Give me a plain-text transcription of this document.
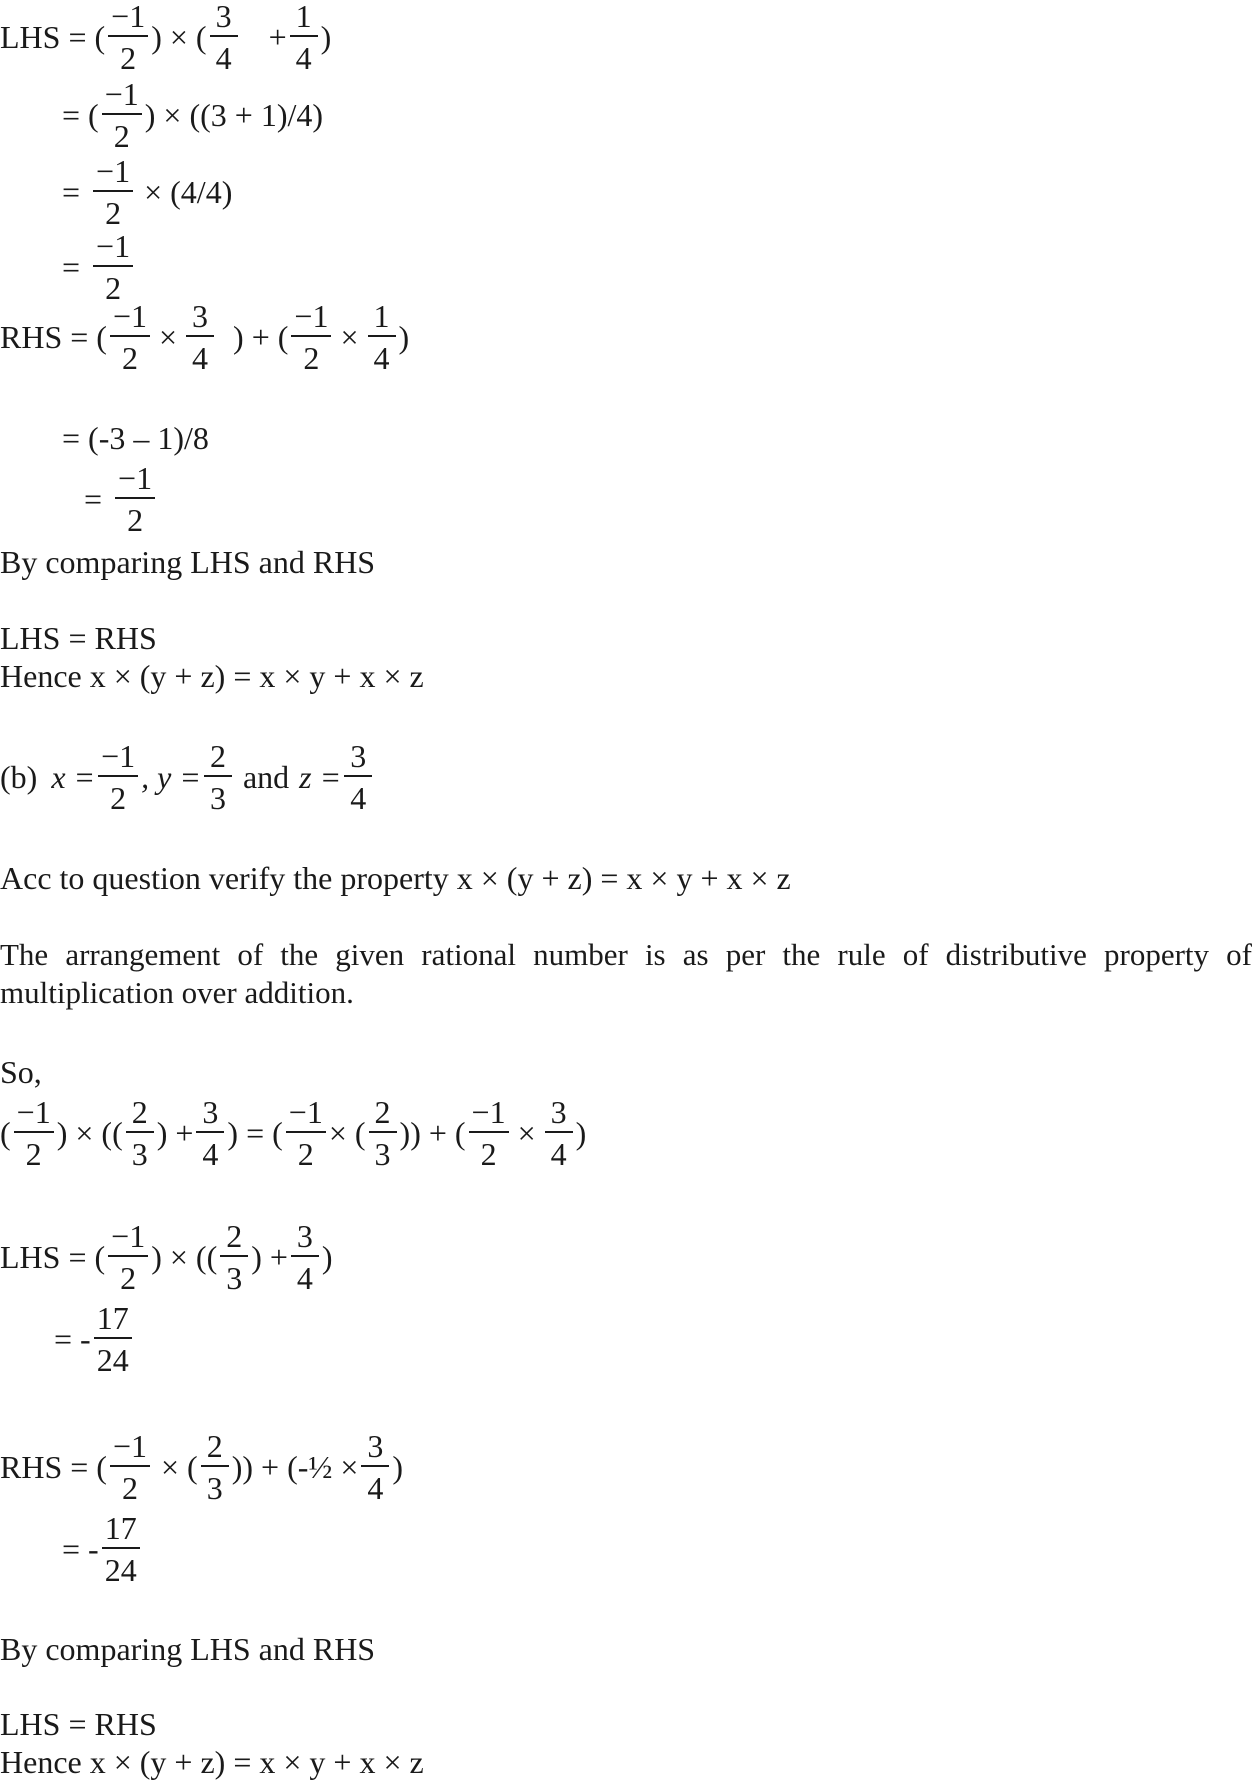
LHS = ( $\frac{-1}{2}$ ) × ( $\frac{3}{4} + \frac{1}{4}$ )
= ( $\frac{-1}{2}$ ) × ((3 + 1)/4)
= $\frac{-1}{2} \times (4/4)$
= $\frac{-1}{2}$
RHS = ( $\frac{-1}{2} \times \frac{3}{4}$ ) + ( $\frac{-1}{2} \times \frac{1}{4}$ )
= (-3 – 1)/8
= $\frac{-1}{2}$
By comparing LHS and RHS
LHS = RHS
Hence x × (y + z) = x × y + x × z
(b) $x = \frac{-1}{2}$ , $y = \frac{2}{3}$ and $z = \frac{3}{4}$
Acc to question verify the property x × (y + z) = x × y + x × z
The arrangement of the given rational number is as per the rule of distributive property of multiplication over addition.
So,
( $\frac{-1}{2}$ ) × (( $\frac{2}{3}$ ) + $\frac{3}{4}$ ) = ( $\frac{-1}{2}$ × ( $\frac{2}{3}$ )) + ( $\frac{-1}{2} \times \frac{3}{4}$ )
LHS = ( $\frac{-1}{2}$ ) × (( $\frac{2}{3}$ ) + $\frac{3}{4}$ )
= - $\frac{17}{24}$
RHS = ( $\frac{-1}{2}$ × ( $\frac{2}{3}$ )) + (-½ × $\frac{3}{4}$ )
= - $\frac{17}{24}$
By comparing LHS and RHS
LHS = RHS
Hence x × (y + z) = x × y + x × z
